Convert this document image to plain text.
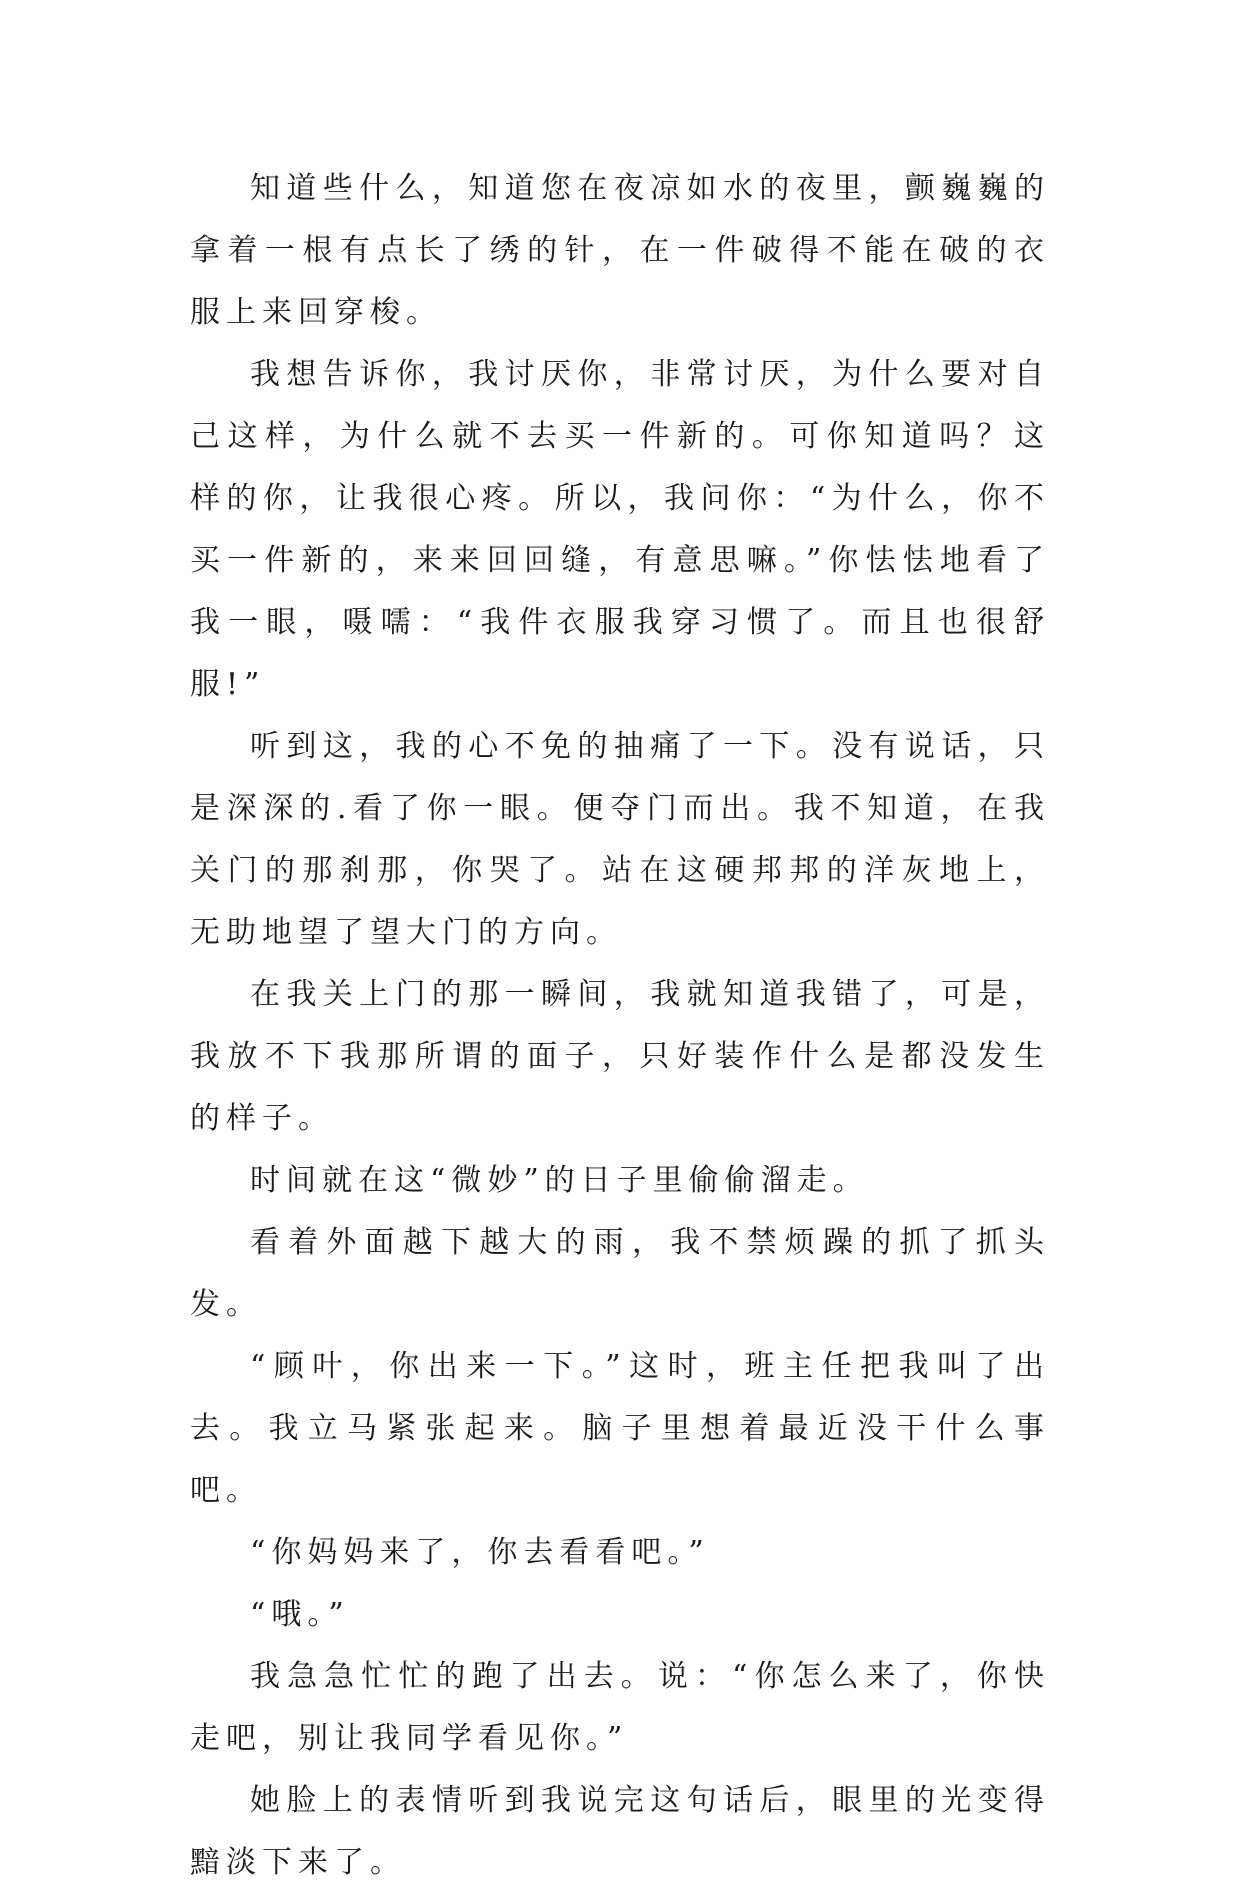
知道些什么，知道您在夜凉如水的夜里，颤巍巍的拿着一根有点长了绣的针，在一件破得不能在破的衣服上来回穿梭。

我想告诉你，我讨厌你，非常讨厌，为什么要对自己这样，为什么就不去买一件新的。可你知道吗？这样的你，让我很心疼。所以，我问你：“为什么，你不买一件新的，来来回回缝，有意思嘛。”你怯怯地看了我一眼，嗫嚅：“我件衣服我穿习惯了。而且也很舒服!”

听到这，我的心不免的抽痛了一下。没有说话，只是深深的.看了你一眼。便夺门而出。我不知道，在我关门的那刹那，你哭了。站在这硬邦邦的洋灰地上，无助地望了望大门的方向。

在我关上门的那一瞬间，我就知道我错了，可是，我放不下我那所谓的面子，只好装作什么是都没发生的样子。

时间就在这“微妙”的日子里偷偷溜走。

看着外面越下越大的雨，我不禁烦躁的抓了抓头发。

“顾叶，你出来一下。”这时，班主任把我叫了出去。我立马紧张起来。脑子里想着最近没干什么事吧。

“你妈妈来了，你去看看吧。”

“哦。”

我急急忙忙的跑了出去。说：“你怎么来了，你快走吧，别让我同学看见你。”

她脸上的表情听到我说完这句话后，眼里的光变得黯淡下来了。
